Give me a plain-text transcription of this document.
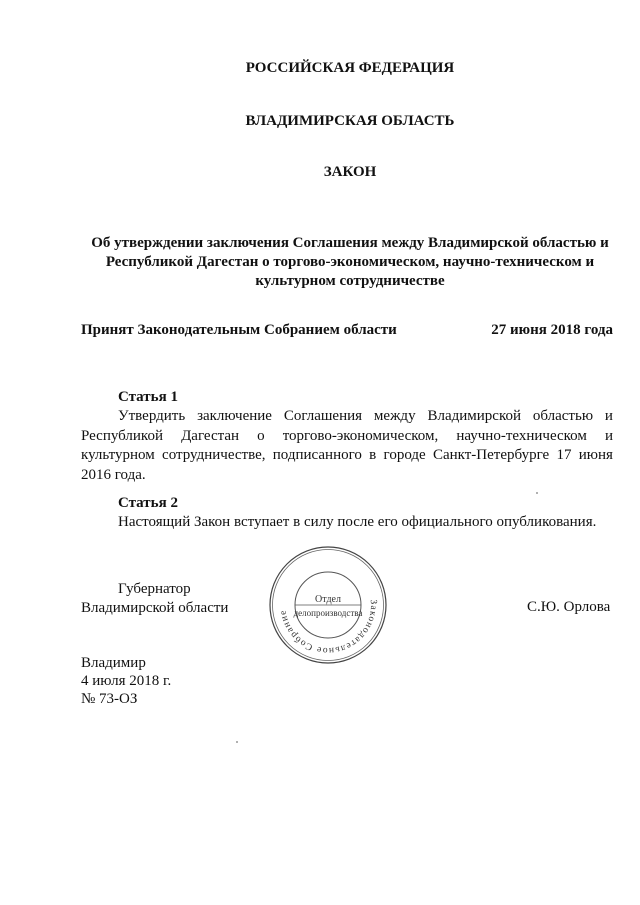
РОССИЙСКАЯ ФЕДЕРАЦИЯ
ВЛАДИМИРСКАЯ ОБЛАСТЬ
ЗАКОН
Об утверждении заключения Соглашения между Владимирской областью и
Республикой Дагестан о торгово-экономическом, научно-техническом и
культурном сотрудничестве
Принят Законодательным Собранием области	27 июня 2018 года
Статья 1
Утвердить заключение Соглашения между Владимирской областью и
Республикой Дагестан о торгово-экономическом, научно-техническом и
культурном сотрудничестве, подписанного в городе Санкт-Петербурге 17 июня
2016 года.
Статья 2
Настоящий Закон вступает в силу после его официального опубликования.
Губернатор
Владимирской области	С.Ю. Орлова
Владимир
4 июля 2018 г.
№ 73-ОЗ
Законодательное Собрание Владимирской области
Отдел
делопроизводства
